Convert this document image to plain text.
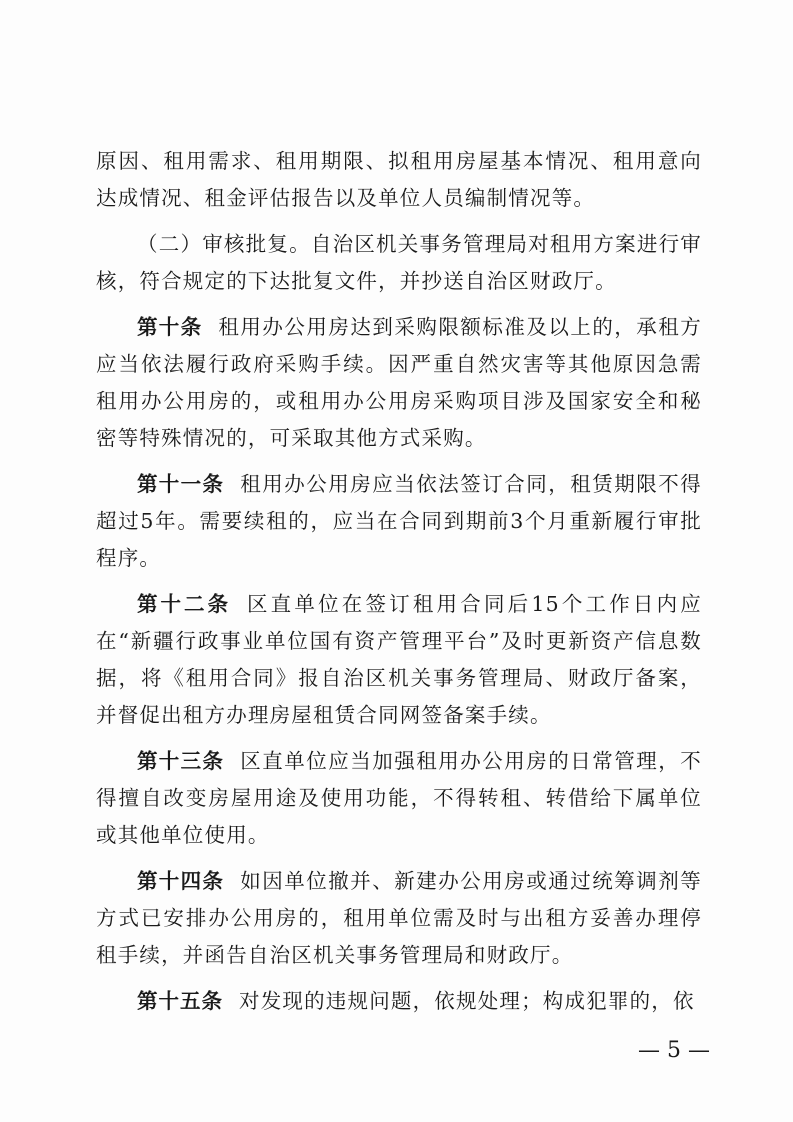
原因、租用需求、租用期限、拟租用房屋基本情况、租用意向达成情况、租金评估报告以及单位人员编制情况等。

（二）审核批复。自治区机关事务管理局对租用方案进行审核，符合规定的下达批复文件，并抄送自治区财政厅。

第十条 租用办公用房达到采购限额标准及以上的，承租方应当依法履行政府采购手续。因严重自然灾害等其他原因急需租用办公用房的，或租用办公用房采购项目涉及国家安全和秘密等特殊情况的，可采取其他方式采购。

第十一条 租用办公用房应当依法签订合同，租赁期限不得超过5年。需要续租的，应当在合同到期前3个月重新履行审批程序。

第十二条 区直单位在签订租用合同后15个工作日内应在“新疆行政事业单位国有资产管理平台”及时更新资产信息数据，将《租用合同》报自治区机关事务管理局、财政厅备案，并督促出租方办理房屋租赁合同网签备案手续。

第十三条 区直单位应当加强租用办公用房的日常管理，不得擅自改变房屋用途及使用功能，不得转租、转借给下属单位或其他单位使用。

第十四条 如因单位撤并、新建办公用房或通过统筹调剂等方式已安排办公用房的，租用单位需及时与出租方妥善办理停租手续，并函告自治区机关事务管理局和财政厅。

第十五条 对发现的违规问题，依规处理；构成犯罪的，依

— 5 —
